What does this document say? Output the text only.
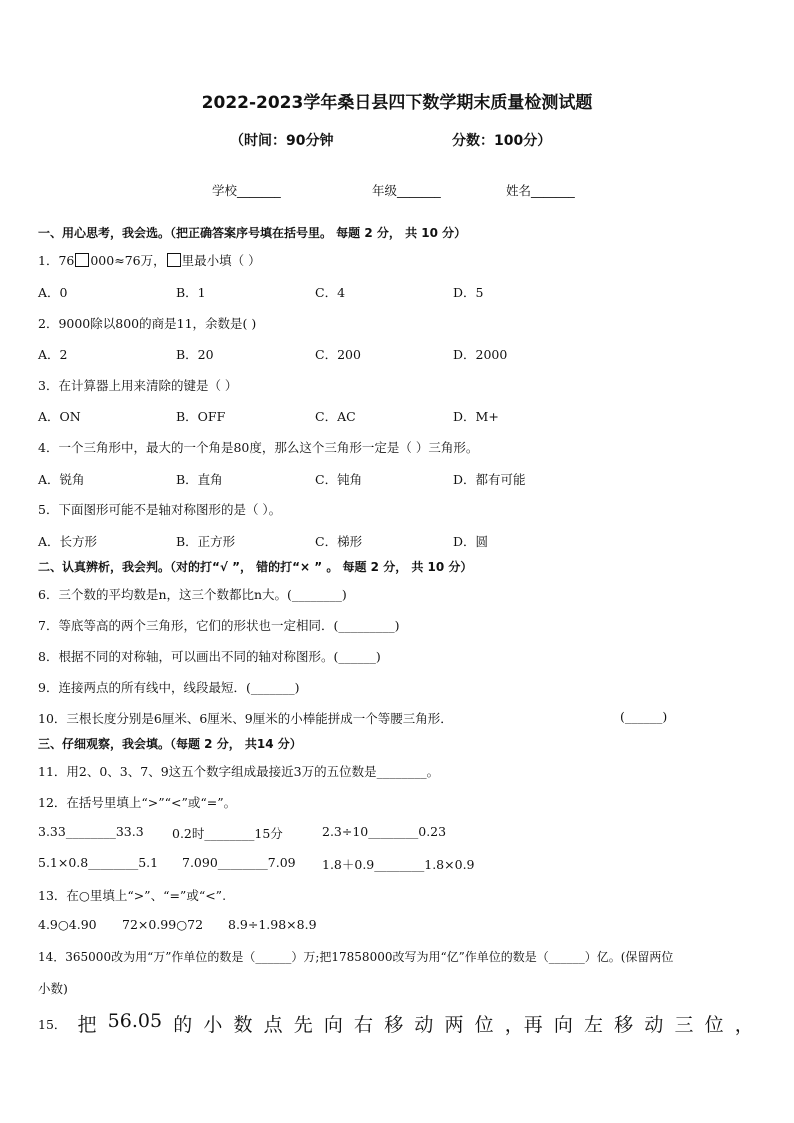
2022-2023学年桑日县四下数学期末质量检测试题
（时间：90分钟	分数：100分）
学校_______	年级_______	姓名_______
一、用心思考，我会选。（把正确答案序号填在括号里。 每题 2 分， 共 10 分）
1．76 000≈76万， 里最小填（ ）
A．0	B．1	C．4	D．5
2．9000除以800的商是11，余数是( )
A．2	B．20	C．200	D．2000
3．在计算器上用来清除的键是（ ）
A．ON	B．OFF	C．AC	D．M+
4．一个三角形中，最大的一个角是80度，那么这个三角形一定是（ ）三角形。
A．锐角	B．直角	C．钝角	D．都有可能
5．下面图形可能不是轴对称图形的是（ ）。
A．长方形	B．正方形	C．梯形	D．圆
二、认真辨析，我会判。（对的打“√ ”， 错的打“× ” 。 每题 2 分， 共 10 分）
6．三个数的平均数是n，这三个数都比n大。(________)
7．等底等高的两个三角形，它们的形状也一定相同．(_________)
8．根据不同的对称轴，可以画出不同的轴对称图形。(______)
9．连接两点的所有线中，线段最短．(_______)
10．三根长度分别是6厘米、6厘米、9厘米的小棒能拼成一个等腰三角形．	(______)
三、仔细观察，我会填。（每题 2 分， 共14 分）
11．用2、0、3、7、9这五个数字组成最接近3万的五位数是________。
12．在括号里填上“>”“<”或“=”。
3.33________33.3 0.2时________15分	2.3÷10________0.23
5.1×0.8________5.1 7.090________7.09 1.8＋0.9________1.8×0.9
13．在○里填上“>”、“=”或“<”.
4.9○4.90 72×0.99○72 8.9÷1.98×8.9
14．365000改为用“万”作单位的数是（______）万;把17858000改写为用“亿”作单位的数是（______）亿。(保留两位
小数)
15． 把 56.05 的 小 数 点 先 向 右 移 动 两 位 ，再 向 左 移 动 三 位 ，
